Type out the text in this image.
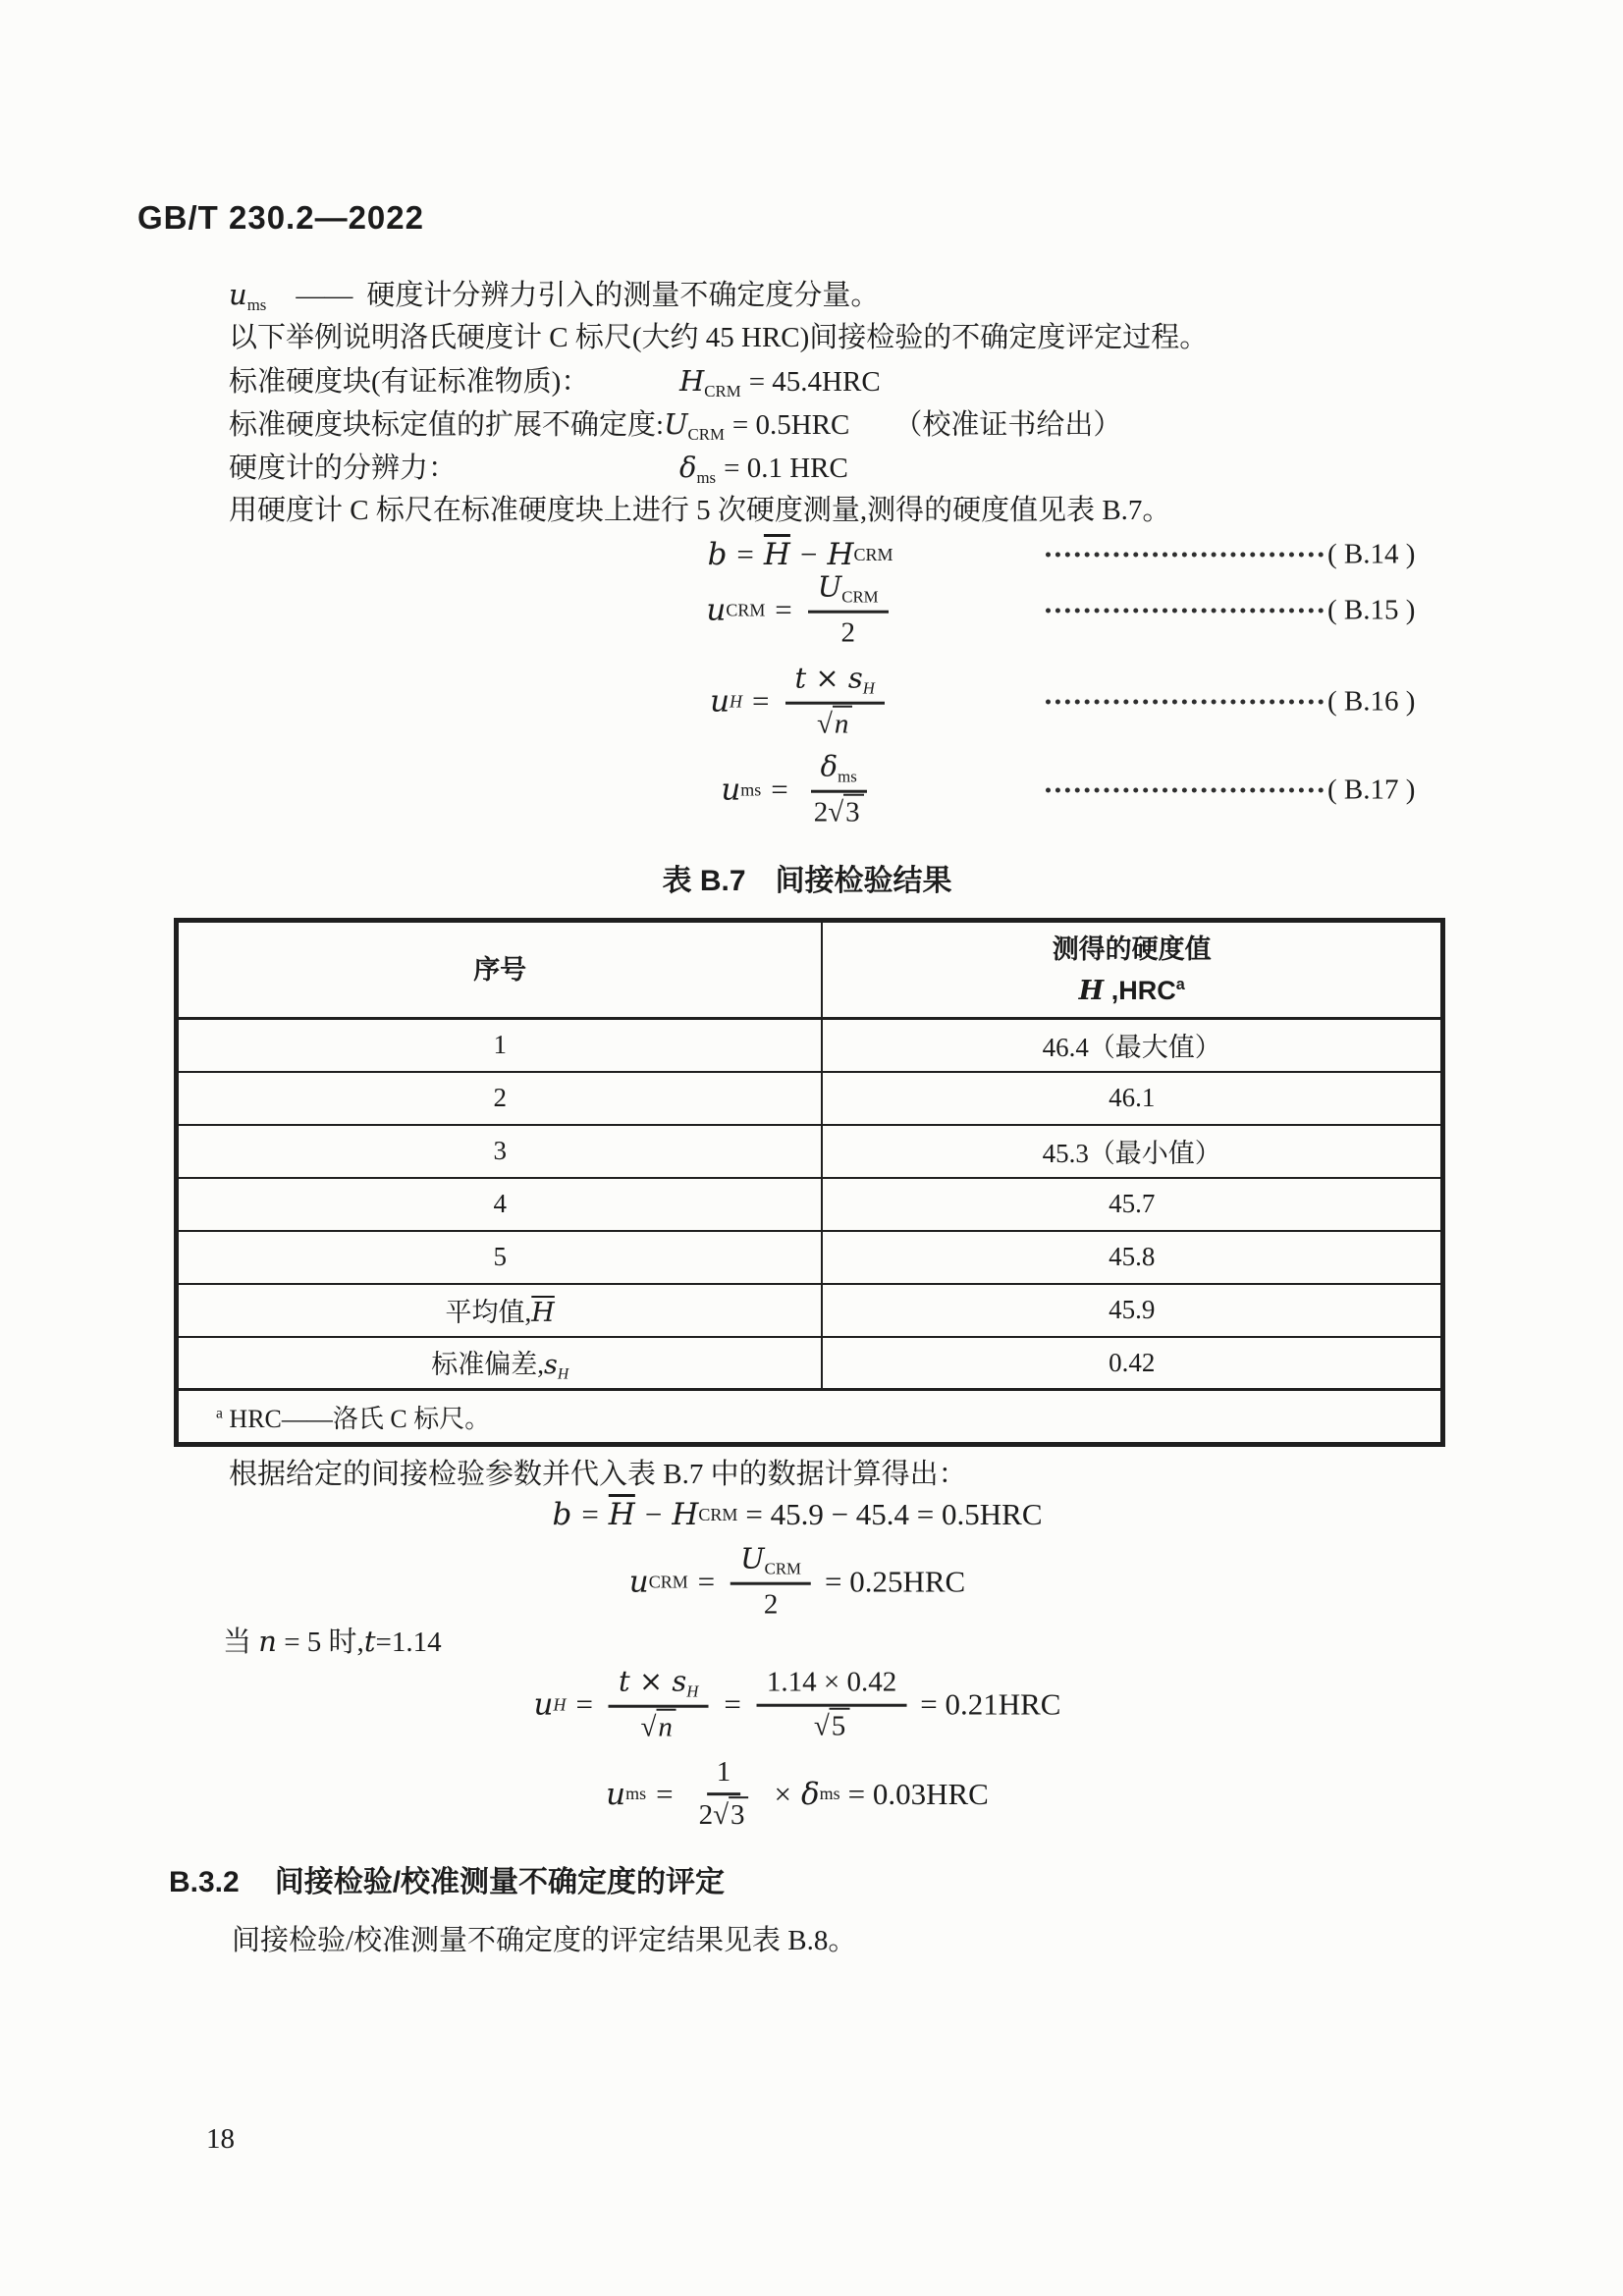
GB/T 230.2—2022
$u_{ms}$ —— 硬度计分辨力引入的测量不确定度分量。
以下举例说明洛氏硬度计 C 标尺(大约 45 HRC)间接检验的不确定度评定过程。
标准硬度块(有证标准物质)：	$H_{CRM} = 45.4HRC$
标准硬度块标定值的扩展不确定度$:U_{CRM} = 0.5HRC$ （校准证书给出）
硬度计的分辨力：	$\delta_{ms} = 0.1$ HRC
用硬度计 C 标尺在标准硬度块上进行 5 次硬度测量,测得的硬度值见表 B.7。
$b = \overline{H} - H$ CRM	( B.14 )
u CRM = $\frac{U_{CRM}}{2}$	( B.15 )
u $H = \frac{t \times s_H}{√n}$	( B.16 )
u ms = $\frac{\delta_{ms}}{2√3}$	( B.17 )
表 B.7　间接检验结果
序号	测得的硬度值
H ,HRC$^a$

1	46.4（最大值）
2	46.1
3	45.3（最小值）
4	45.7
5	45.8
平均值$,\overline{H}$	45.9
标准偏差$,s_H$	0.42
$^a$ HRC——洛氏 C 标尺。	
根据给定的间接检验参数并代入表 B.7 中的数据计算得出：
$b = \overline{H} - H$ CRM = 45.9 − 45.4 = 0.5HRC
u CRM = $\frac{U_{CRM}}{2} = 0.25HRC$
当 n = 5 时,t=1.14
u $H = \frac{t \times s_H}{√n} = \frac{1.14 \times 0.42}{√5} = 0.21HRC$
u ms = $\frac{1}{2√3} \times \delta$ ms = 0.03HRC
B.3.2 间接检验/校准测量不确定度的评定
间接检验/校准测量不确定度的评定结果见表 B.8。
18
